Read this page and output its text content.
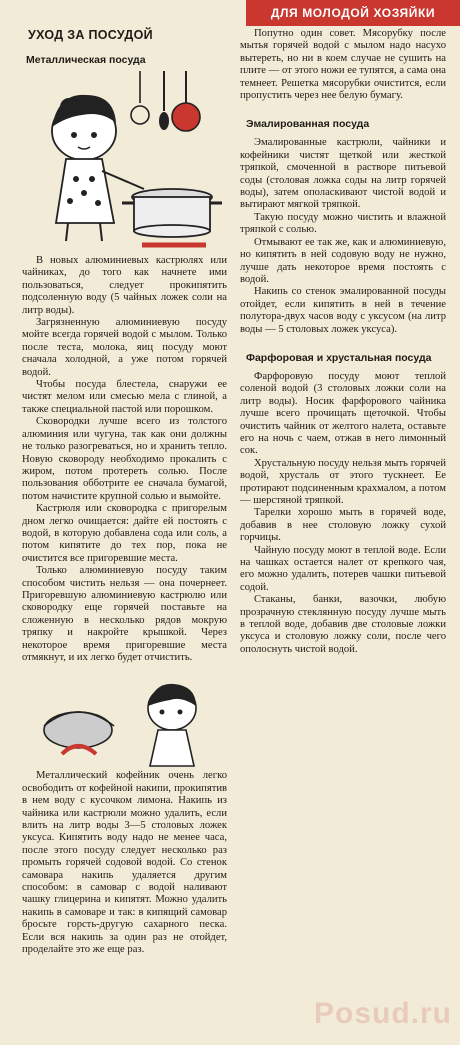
ДЛЯ МОЛОДОЙ ХОЗЯЙКИ
УХОД ЗА ПОСУДОЙ
Металлическая посуда

В новых алюминиевых кастрюлях или чайниках, до того как начнете ими пользоваться, следует прокипятить подсоленную воду (5 чайных ложек соли на литр воды).

Загрязненную алюминиевую посуду мойте всегда горячей водой с мылом. Только после теста, молока, яиц посуду моют сначала холодной, а уже потом горячей водой.

Чтобы посуда блестела, снаружи ее чистят мелом или смесью мела с глиной, а также специальной пастой или порошком.

Сковородки лучше всего из толстого алюминия или чугуна, так как они должны не только разогреваться, но и хранить тепло. Новую сковороду необходимо прокалить с жиром, потом протереть солью. После пользования обботрите ее сначала бумагой, потом начистите крупной солью и вымойте.

Кастрюля или сковородка с пригорелым дном легко очищается: дайте ей постоять с водой, в которую добавлена сода или соль, а потом кипятите до тех пор, пока не очистится все пригоревшие места.

Только алюминиевую посуду таким способом чистить нельзя — она почернеет. Пригоревшую алюминиевую кастрюлю или сковородку еще горячей поставьте на сложенную в несколько рядов мокрую тряпку и накройте крышкой. Через некоторое время пригоревшие места отмякнут, и их легко будет отчистить.

Металлический кофейник очень легко освободить от кофейной накипи, прокипятив в нем воду с кусочком лимона. Накипь из чайника или кастрюли можно удалить, если влить на литр воды 3—5 столовых ложек уксуса. Кипятить воду надо не менее часа, после этого посуду следует несколько раз промыть горячей содовой водой. Со стенок самовара накипь удаляется другим способом: в самовар с водой наливают чашку глицерина и кипятят. Можно удалить накипь в самоваре и так: в кипящий самовар бросьте горсть-другую сахарного песка. Если вся накипь за один раз не отойдет, проделайте это же еще раз.

Попутно один совет. Мясорубку после мытья горячей водой с мылом надо насухо вытереть, но ни в коем случае не сушить на плите — от этого ножи ее тупятся, а сама она темнеет. Решетка мясорубки очистится, если пропустить через нее белую бумагу.

Эмалированная посуда

Эмалированные кастрюли, чайники и кофейники чистят щеткой или жесткой тряпкой, смоченной в растворе питьевой соды (столовая ложка соды на литр горячей воды), затем ополаскивают чистой водой и вытирают мягкой тряпкой.

Такую посуду можно чистить и влажной тряпкой с солью.

Отмывают ее так же, как и алюминиевую, но кипятить в ней содовую воду не нужно, лучше дать некоторое время постоять с водой.

Накипь со стенок эмалированной посуды отойдет, если кипятить в ней в течение полутора-двух часов воду с уксусом (на литр воды — 5 столовых ложек уксуса).

Фарфоровая и хрустальная посуда

Фарфоровую посуду моют теплой соленой водой (3 столовых ложки соли на литр воды). Носик фарфорового чайника лучше всего прочищать щеточкой. Чтобы очистить чайник от желтого налета, оставьте его на ночь с чаем, отжав в него лимонный сок.

Хрустальную посуду нельзя мыть горячей водой, хрусталь от этого тускнеет. Ее протирают подсиненным крахмалом, а потом — шерстяной тряпкой.

Тарелки хорошо мыть в горячей воде, добавив в нее столовую ложку сухой горчицы.

Чайную посуду моют в теплой воде. Если на чашках остается налет от крепкого чая, его можно удалить, потерев чашки питьевой содой.

Стаканы, банки, вазочки, любую прозрачную стеклянную посуду лучше мыть в теплой воде, добавив две столовые ложки уксуса и столовую ложку соли, после чего ополоснуть чистой водой.

Posud.ru
